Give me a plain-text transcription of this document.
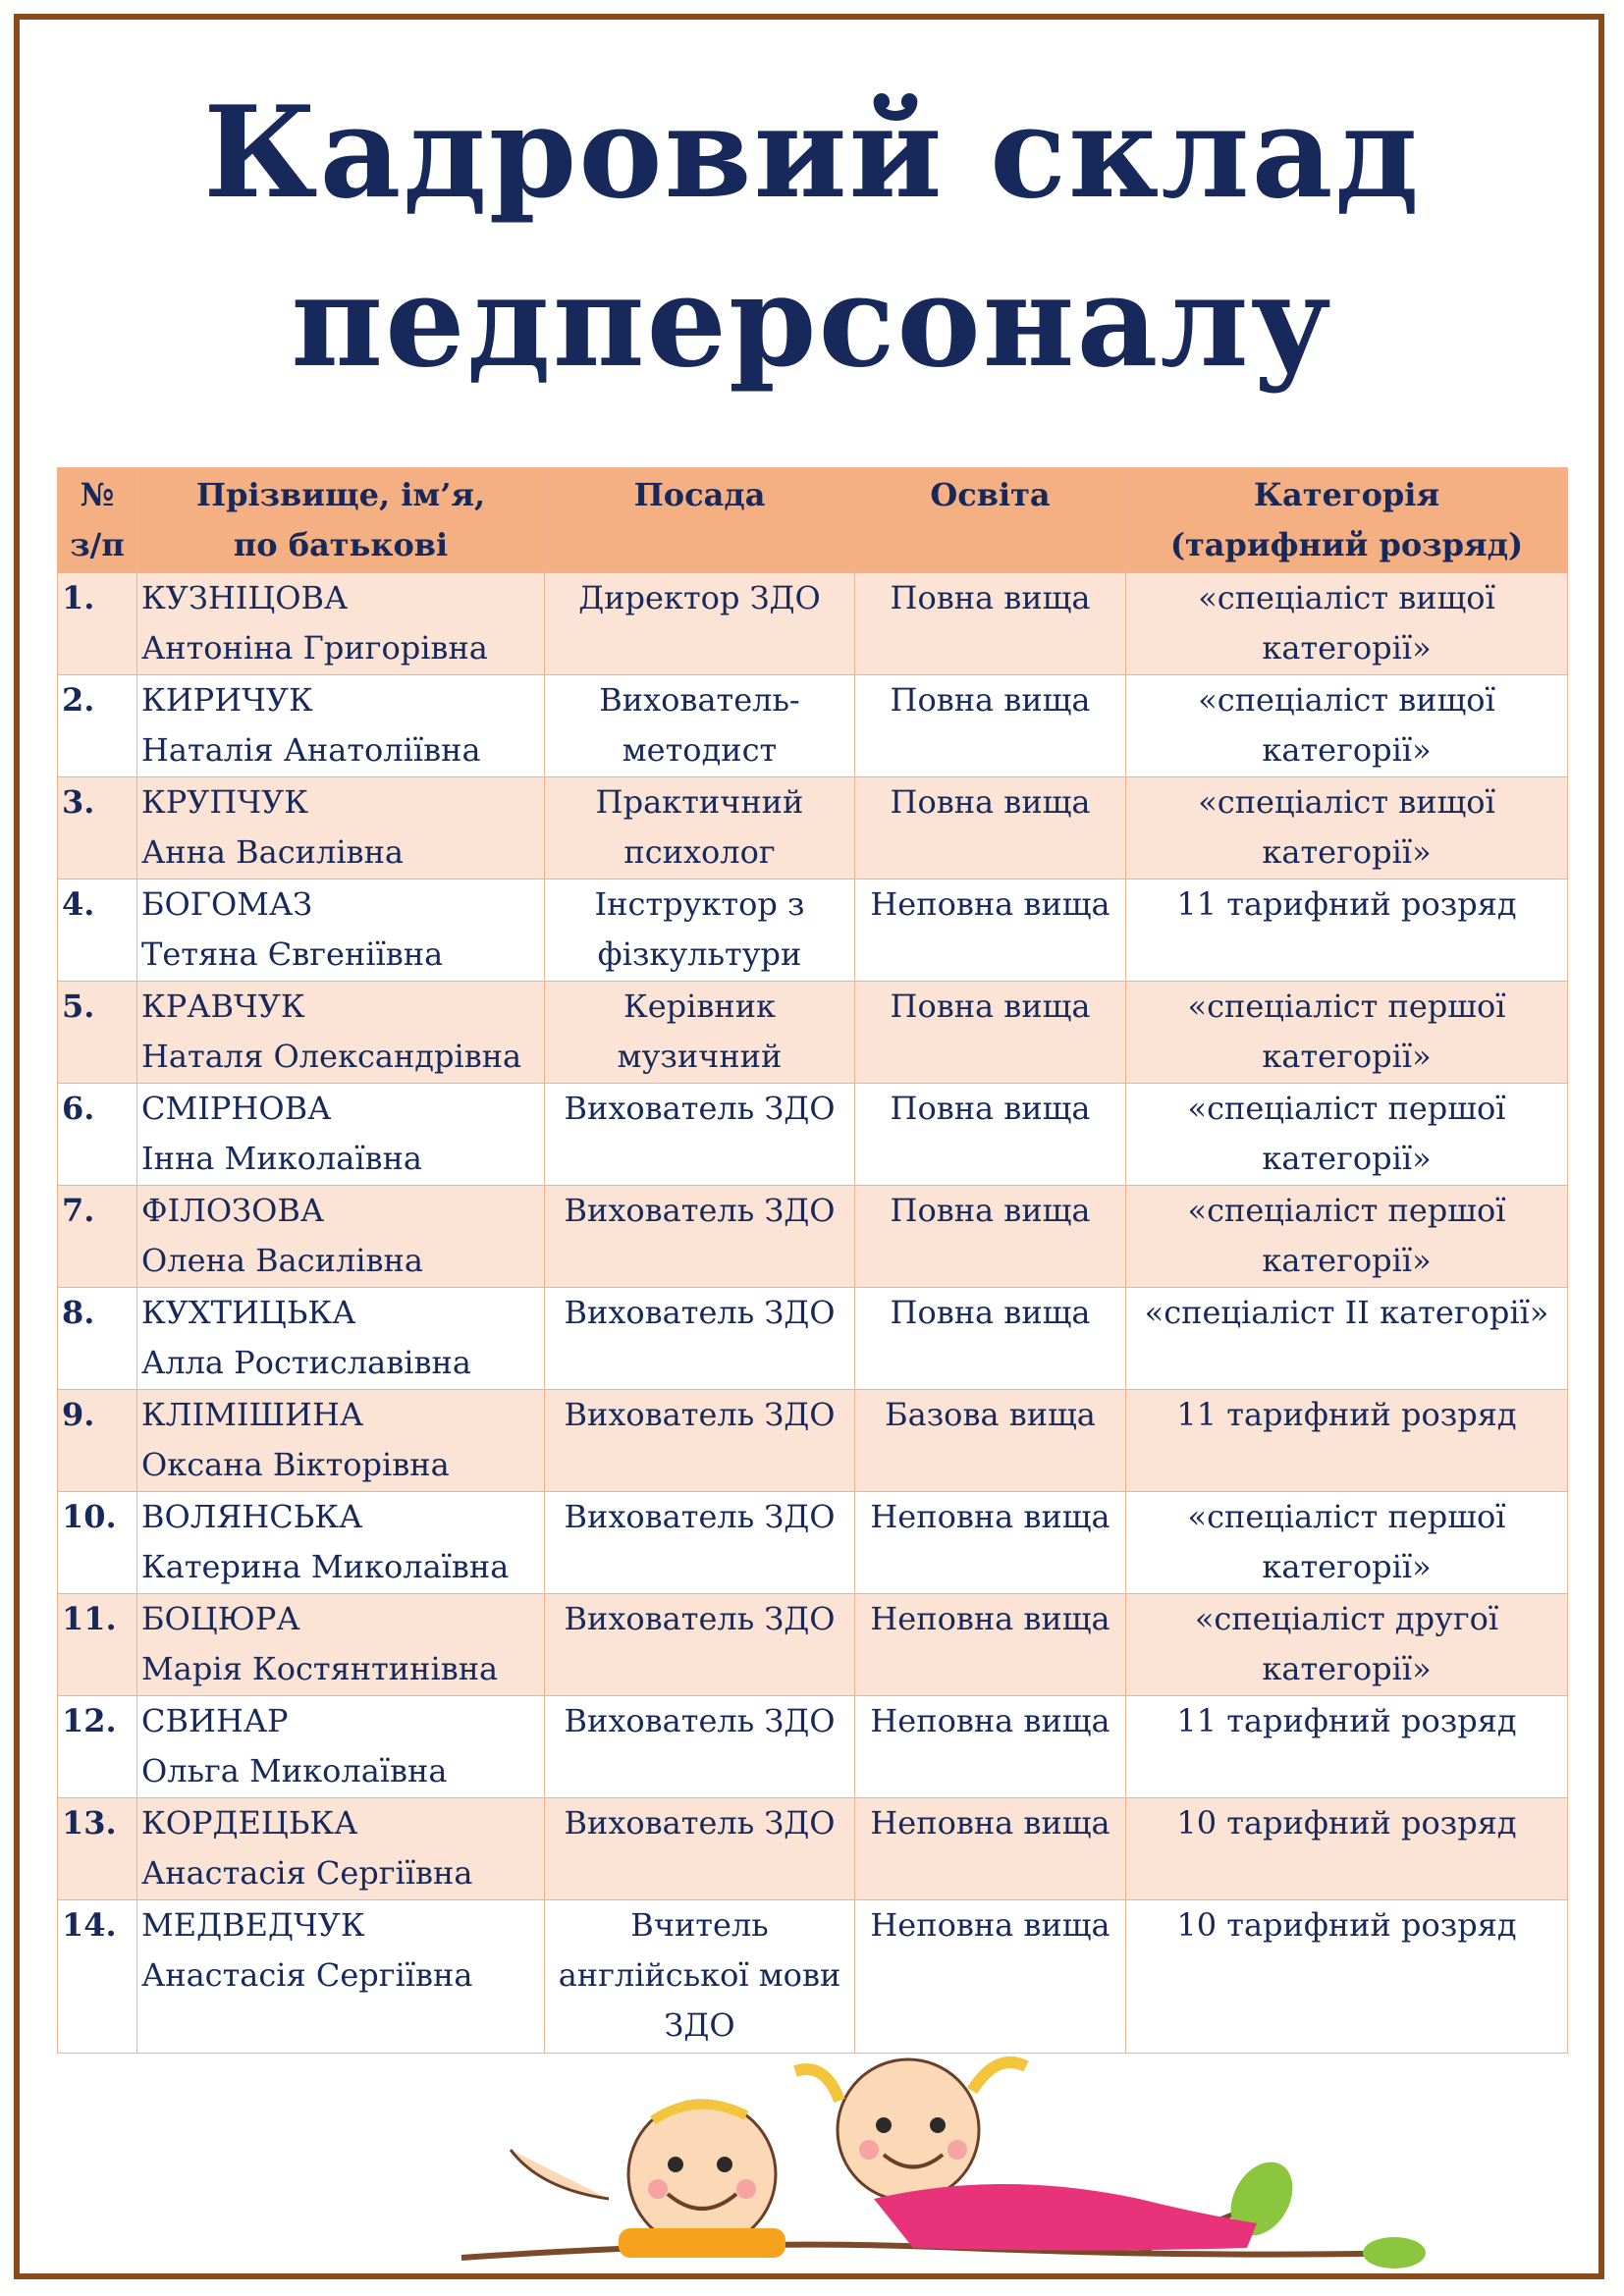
Кадровий склад
педперсоналу
№
з/п	Прізвище, ім’я,
по батькові	Посада	Освіта	Категорія
(тарифний розряд)

1.	КУЗНІЦОВА
Антоніна Григорівна	Директор ЗДО	Повна вища	«спеціаліст вищої
категорії»

2.	КИРИЧУК
Наталія Анатоліївна	Вихователь-
методист	Повна вища	«спеціаліст вищої
категорії»

3.	КРУПЧУК
Анна Василівна	Практичний
психолог	Повна вища	«спеціаліст вищої
категорії»

4.	БОГОМАЗ
Тетяна Євгеніївна	Інструктор з
фізкультури	Неповна вища	11 тарифний розряд

5.	КРАВЧУК
Наталя Олександрівна	Керівник
музичний	Повна вища	«спеціаліст першої
категорії»

6.	СМІРНОВА
Інна Миколаївна	Вихователь ЗДО	Повна вища	«спеціаліст першої
категорії»

7.	ФІЛОЗОВА
Олена Василівна	Вихователь ЗДО	Повна вища	«спеціаліст першої
категорії»

8.	КУХТИЦЬКА
Алла Ростиславівна	Вихователь ЗДО	Повна вища	«спеціаліст ІІ категорії»

9.	КЛІМІШИНА
Оксана Вікторівна	Вихователь ЗДО	Базова вища	11 тарифний розряд

10.	ВОЛЯНСЬКА
Катерина Миколаївна	Вихователь ЗДО	Неповна вища	«спеціаліст першої
категорії»

11.	БОЦЮРА
Марія Костянтинівна	Вихователь ЗДО	Неповна вища	«спеціаліст другої
категорії»

12.	СВИНАР
Ольга Миколаївна	Вихователь ЗДО	Неповна вища	11 тарифний розряд

13.	КОРДЕЦЬКА
Анастасія Сергіївна	Вихователь ЗДО	Неповна вища	10 тарифний розряд

14.	МЕДВЕДЧУК
Анастасія Сергіївна	Вчитель
англійської мови
ЗДО	Неповна вища	10 тарифний розряд
